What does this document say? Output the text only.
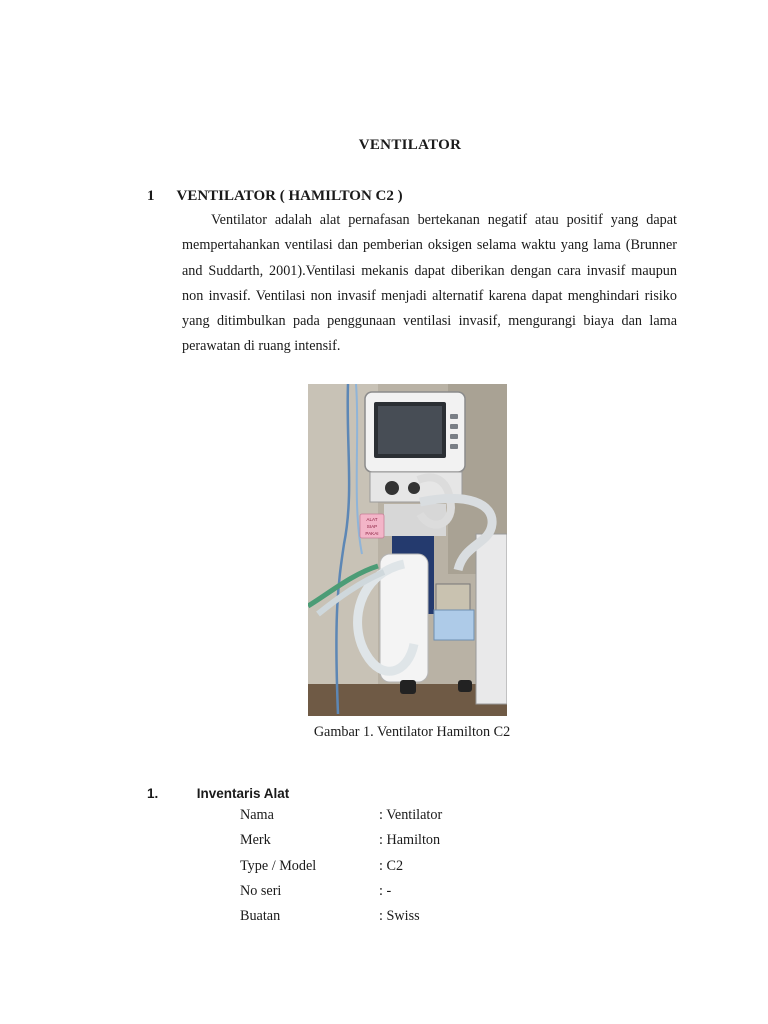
VENTILATOR
1 VENTILATOR ( HAMILTON C2 )

Ventilator adalah alat pernafasan bertekanan negatif atau positif yang dapat mempertahankan ventilasi dan pemberian oksigen selama waktu yang lama (Brunner and Suddarth, 2001).Ventilasi mekanis dapat diberikan dengan cara invasif maupun non invasif. Ventilasi non invasif menjadi alternatif karena dapat menghindari risiko yang ditimbulkan pada penggunaan ventilasi invasif, mengurangi biaya dan lama perawatan di ruang intensif.

ALAT
SIAP
PAKAI
Gambar 1. Ventilator Hamilton C2
1.	Inventaris Alat
Nama	: Ventilator
Merk	: Hamilton
Type / Model	: C2
No seri	: -
Buatan	: Swiss
